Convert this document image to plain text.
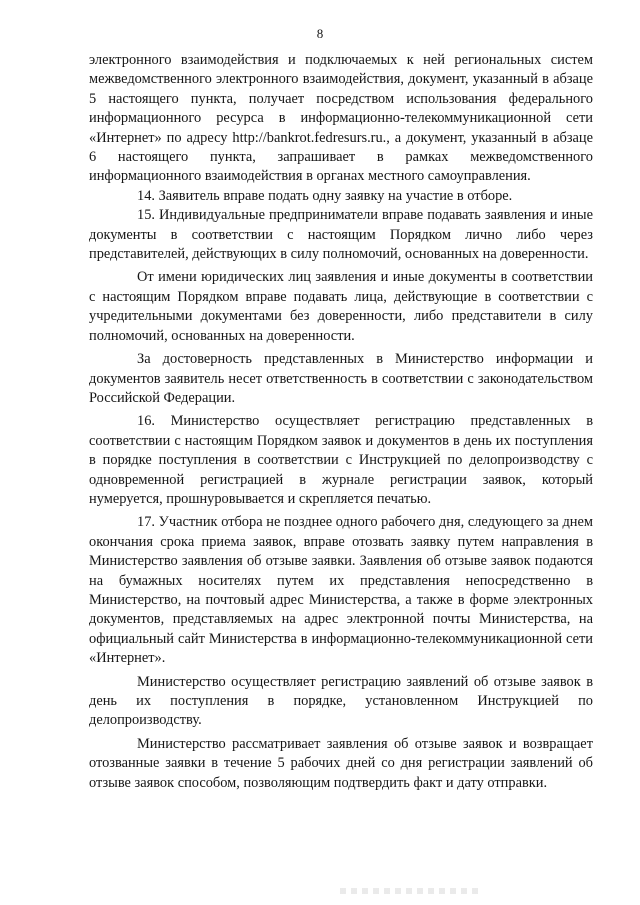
8

электронного взаимодействия и подключаемых к ней региональных систем межведомственного электронного взаимодействия, документ, указанный в абзаце 5 настоящего пункта, получает посредством использования федерального информационного ресурса в информационно-телекоммуникационной сети «Интернет» по адресу http://bankrot.fedresurs.ru., а документ, указанный в абзаце 6 настоящего пункта, запрашивает в рамках межведомственного информационного взаимодействия в органах местного самоуправления.

14. Заявитель вправе подать одну заявку на участие в отборе.

15. Индивидуальные предприниматели вправе подавать заявления и иные документы в соответствии с настоящим Порядком лично либо через представителей, действующих в силу полномочий, основанных на доверенности.

От имени юридических лиц заявления и иные документы в соответствии с настоящим Порядком вправе подавать лица, действующие в соответствии с учредительными документами без доверенности, либо представители в силу полномочий, основанных на доверенности.

За достоверность представленных в Министерство информации и документов заявитель несет ответственность в соответствии с законодательством Российской Федерации.

16. Министерство осуществляет регистрацию представленных в соответствии с настоящим Порядком заявок и документов в день их поступления в порядке поступления в соответствии с Инструкцией по делопроизводству с одновременной регистрацией в журнале регистрации заявок, который нумеруется, прошнуровывается и скрепляется печатью.

17. Участник отбора не позднее одного рабочего дня, следующего за днем окончания срока приема заявок, вправе отозвать заявку путем направления в Министерство заявления об отзыве заявки. Заявления об отзыве заявок подаются на бумажных носителях путем их представления непосредственно в Министерство, на почтовый адрес Министерства, а также в форме электронных документов, представляемых на адрес электронной почты Министерства, на официальный сайт Министерства в информационно-телекоммуникационной сети «Интернет».

Министерство осуществляет регистрацию заявлений об отзыве заявок в день их поступления в порядке, установленном Инструкцией по делопроизводству.

Министерство рассматривает заявления об отзыве заявок и возвращает отозванные заявки в течение 5 рабочих дней со дня регистрации заявлений об отзыве заявок способом, позволяющим подтвердить факт и дату отправки.
